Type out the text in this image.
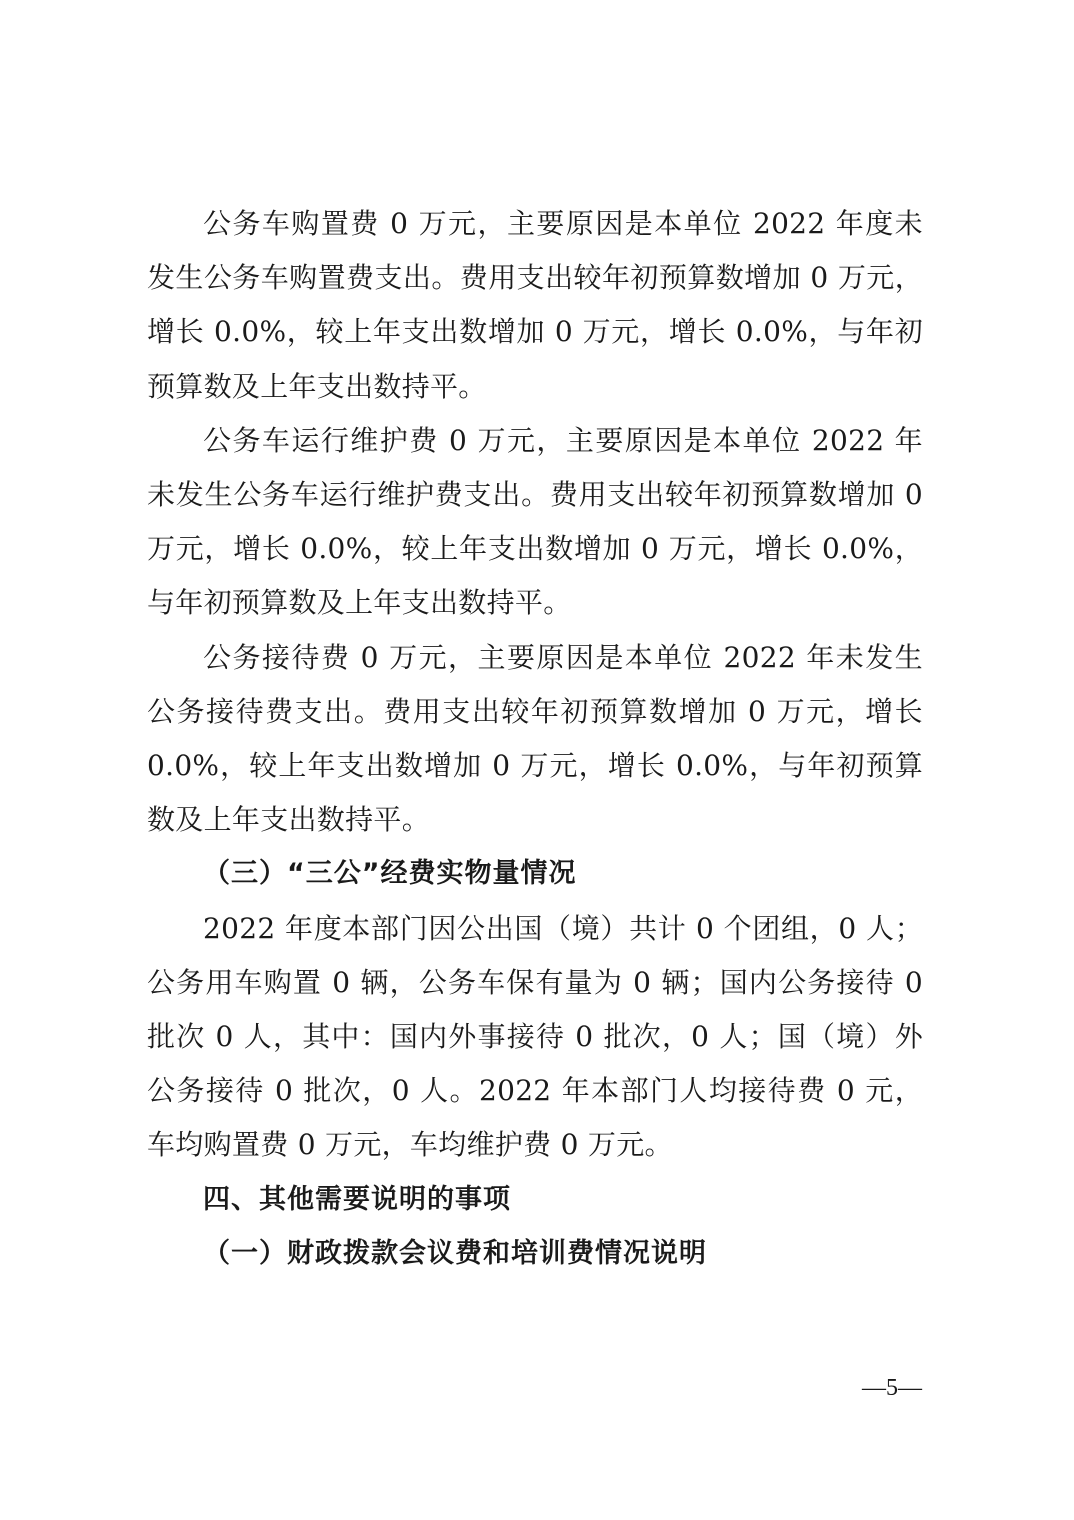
公务车购置费 0 万元，主要原因是本单位 2022 年度未发生公务车购置费支出。费用支出较年初预算数增加 0 万元，增长 0.0%，较上年支出数增加 0 万元，增长 0.0%，与年初预算数及上年支出数持平。

公务车运行维护费 0 万元，主要原因是本单位 2022 年未发生公务车运行维护费支出。费用支出较年初预算数增加 0 万元，增长 0.0%，较上年支出数增加 0 万元，增长 0.0%，与年初预算数及上年支出数持平。

公务接待费 0 万元，主要原因是本单位 2022 年未发生公务接待费支出。费用支出较年初预算数增加 0 万元，增长 0.0%，较上年支出数增加 0 万元，增长 0.0%，与年初预算数及上年支出数持平。

（三）“三公”经费实物量情况

2022 年度本部门因公出国（境）共计 0 个团组，0 人；公务用车购置 0 辆，公务车保有量为 0 辆；国内公务接待 0 批次 0 人，其中：国内外事接待 0 批次，0 人；国（境）外公务接待 0 批次，0 人。2022 年本部门人均接待费 0 元，车均购置费 0 万元，车均维护费 0 万元。

四、其他需要说明的事项

（一）财政拨款会议费和培训费情况说明

—5—
